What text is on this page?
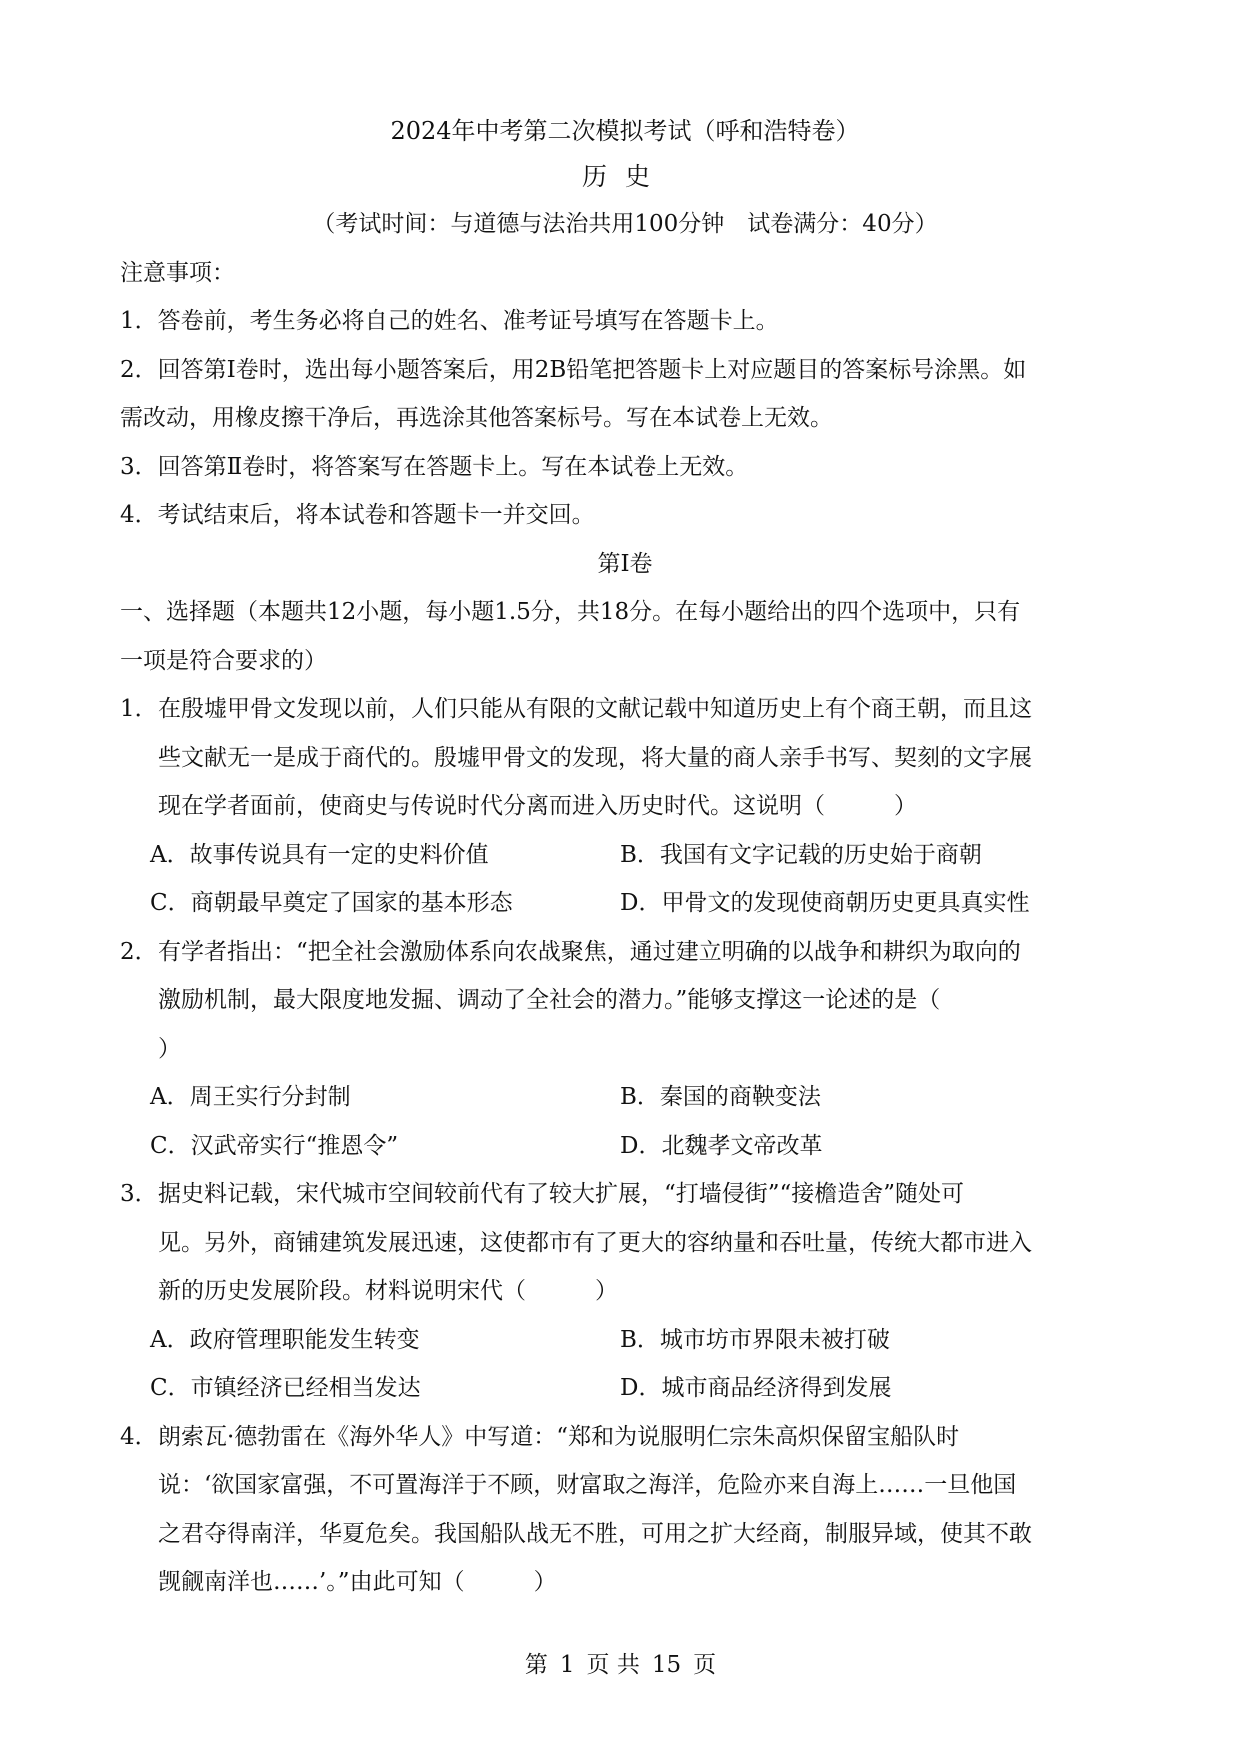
2024年中考第二次模拟考试（呼和浩特卷）
历史
（考试时间：与道德与法治共用100分钟　试卷满分：40分）
注意事项：
1．答卷前，考生务必将自己的姓名、准考证号填写在答题卡上。
2．回答第Ⅰ卷时，选出每小题答案后，用2B铅笔把答题卡上对应题目的答案标号涂黑。如
需改动，用橡皮擦干净后，再选涂其他答案标号。写在本试卷上无效。
3．回答第Ⅱ卷时，将答案写在答题卡上。写在本试卷上无效。
4．考试结束后，将本试卷和答题卡一并交回。
第Ⅰ卷
一、选择题（本题共12小题，每小题1.5分，共18分。在每小题给出的四个选项中，只有
一项是符合要求的）
1． 在殷墟甲骨文发现以前，人们只能从有限的文献记载中知道历史上有个商王朝，而且这
些文献无一是成于商代的。殷墟甲骨文的发现，将大量的商人亲手书写、契刻的文字展
现在学者面前，使商史与传说时代分离而进入历史时代。这说明（　　　）
A．故事传说具有一定的史料价值	B．我国有文字记载的历史始于商朝
C．商朝最早奠定了国家的基本形态	D．甲骨文的发现使商朝历史更具真实性
2． 有学者指出：“把全社会激励体系向农战聚焦，通过建立明确的以战争和耕织为取向的
激励机制，最大限度地发掘、调动了全社会的潜力。”能够支撑这一论述的是（
）
A．周王实行分封制	B．秦国的商鞅变法
C．汉武帝实行“推恩令”	D．北魏孝文帝改革
3． 据史料记载，宋代城市空间较前代有了较大扩展，“打墙侵街”“接檐造舍”随处可
见。另外，商铺建筑发展迅速，这使都市有了更大的容纳量和吞吐量，传统大都市进入
新的历史发展阶段。材料说明宋代（　　　）
A．政府管理职能发生转变	B．城市坊市界限未被打破
C．市镇经济已经相当发达	D．城市商品经济得到发展
4． 朗索瓦·德勃雷在《海外华人》中写道：“郑和为说服明仁宗朱高炽保留宝船队时
说：‘欲国家富强，不可置海洋于不顾，财富取之海洋，危险亦来自海上……一旦他国
之君夺得南洋，华夏危矣。我国船队战无不胜，可用之扩大经商，制服异域，使其不敢
觊觎南洋也……’。”由此可知（　　　）
第 1 页 共 15 页
